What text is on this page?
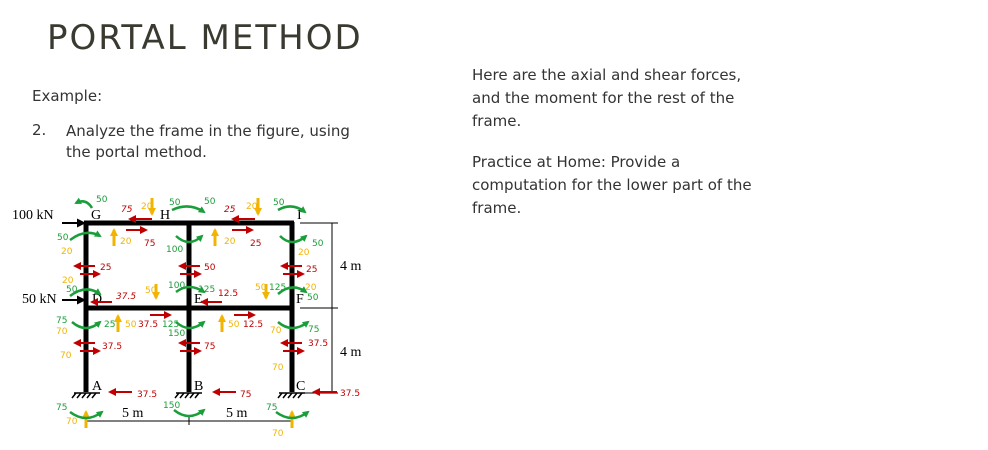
PORTAL METHOD
Example:
2. Analyze the frame in the figure, using the portal method.

Here are the axial and shear forces, and the moment for the rest of the frame.

Practice at Home: Provide a computation for the lower part of the frame.

100 kN
50 kN
G	H	I
D	E	F
A	B	C
5 m	5 m
4 m
4 m
50
75 20 50	50
25 20 50
50
20
20 75
100
20 25	50
20
25	50	25
20
50
37.5
50 100 125 12.5
50 125 20
50
75
70
25 50 37.5 125
150
50 12.5
70	75
37.5	75	37.5
70
70
37.5	75	37.5
75
70
150	75
70
